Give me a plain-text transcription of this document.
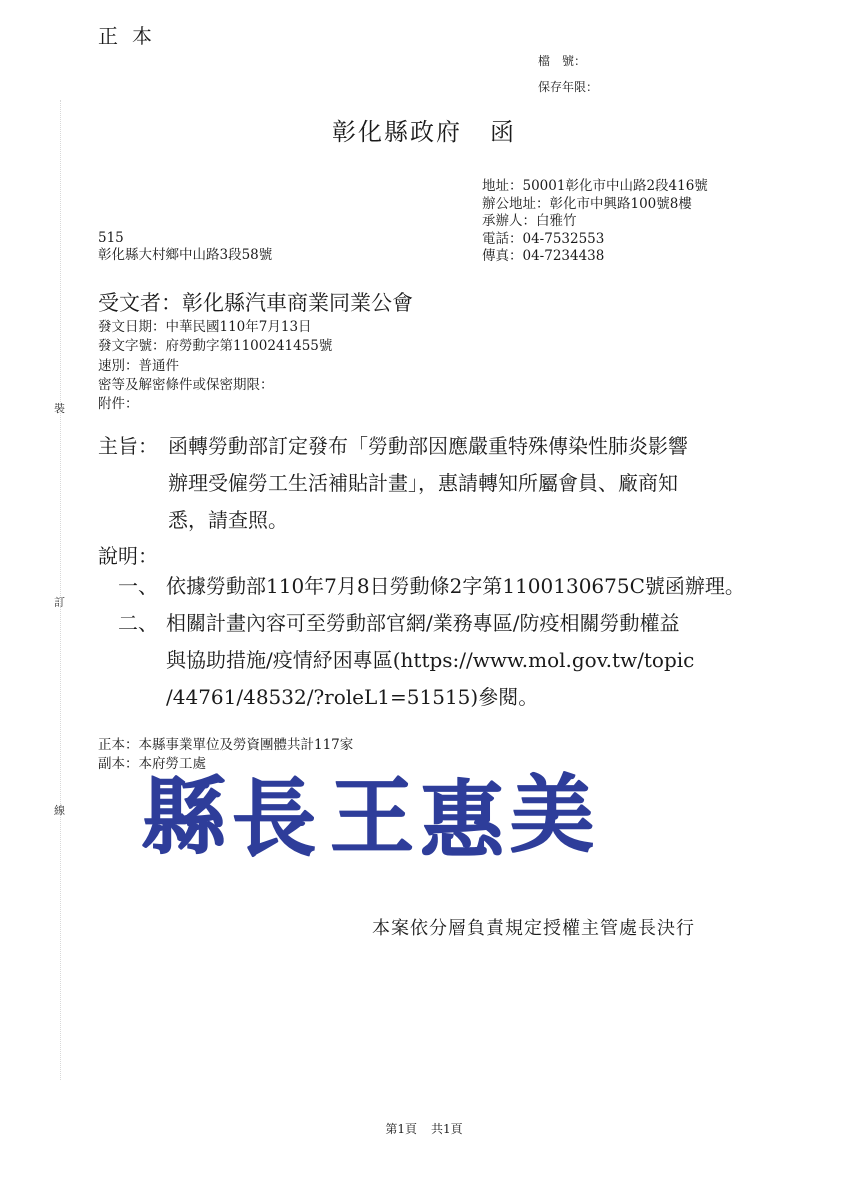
正本
檔　號：
保存年限：
彰化縣政府 函
地址：50001彰化市中山路2段416號
辦公地址：彰化市中興路100號8樓
承辦人：白雅竹
電話：04-7532553
傳真：04-7234438
515
彰化縣大村鄉中山路3段58號
受文者：彰化縣汽車商業同業公會
發文日期：中華民國110年7月13日
發文字號：府勞動字第1100241455號
速別：普通件
密等及解密條件或保密期限：
附件：
裝
訂
線
主旨： 函轉勞動部訂定發布「勞動部因應嚴重特殊傳染性肺炎影響
辦理受僱勞工生活補貼計畫」，惠請轉知所屬會員、廠商知
悉，請查照。
說明：
一、 依據勞動部110年7月8日勞動條2字第1100130675C號函辦理。
二、 相關計畫內容可至勞動部官網/業務專區/防疫相關勞動權益
與協助措施/疫情紓困專區(https://www.mol.gov.tw/topic
/44761/48532/?roleL1=51515)參閱。
正本：本縣事業單位及勞資團體共計117家
副本：本府勞工處
縣 長 王 惠 美
本案依分層負責規定授權主管處長決行
第1頁 共1頁
